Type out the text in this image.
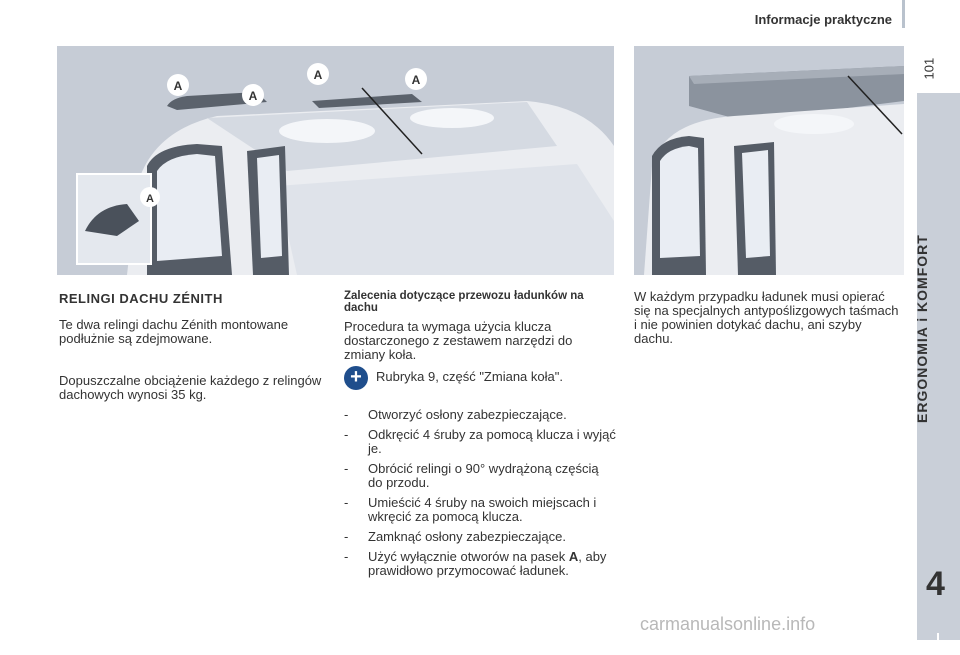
Informacje praktyczne
101
ERGONOMIA i KOMFORT
4
A
A
A	A
A
RELINGI DACHU ZÉNITH

Te dwa relingi dachu Zénith montowane podłużnie są zdejmowane.

Dopuszczalne obciążenie każdego z relingów dachowych wynosi 35 kg.

Zalecenia dotyczące przewozu ładunków na dachu

Procedura ta wymaga użycia klucza dostarczonego z zestawem narzędzi do zmiany koła.

+	Rubryka 9, część "Zmiana koła".
- Otworzyć osłony zabezpieczające.
- Odkręcić 4 śruby za pomocą klucza i wyjąć je.
- Obrócić relingi o 90° wydrążoną częścią do przodu.
- Umieścić 4 śruby na swoich miejscach i wkręcić za pomocą klucza.
- Zamknąć osłony zabezpieczające.
- Użyć wyłącznie otworów na pasek A, aby prawidłowo przymocować ładunek.

W każdym przypadku ładunek musi opierać się na specjalnych antypoślizgowych taśmach i nie powinien dotykać dachu, ani szyby dachu.

carmanualsonline.info
